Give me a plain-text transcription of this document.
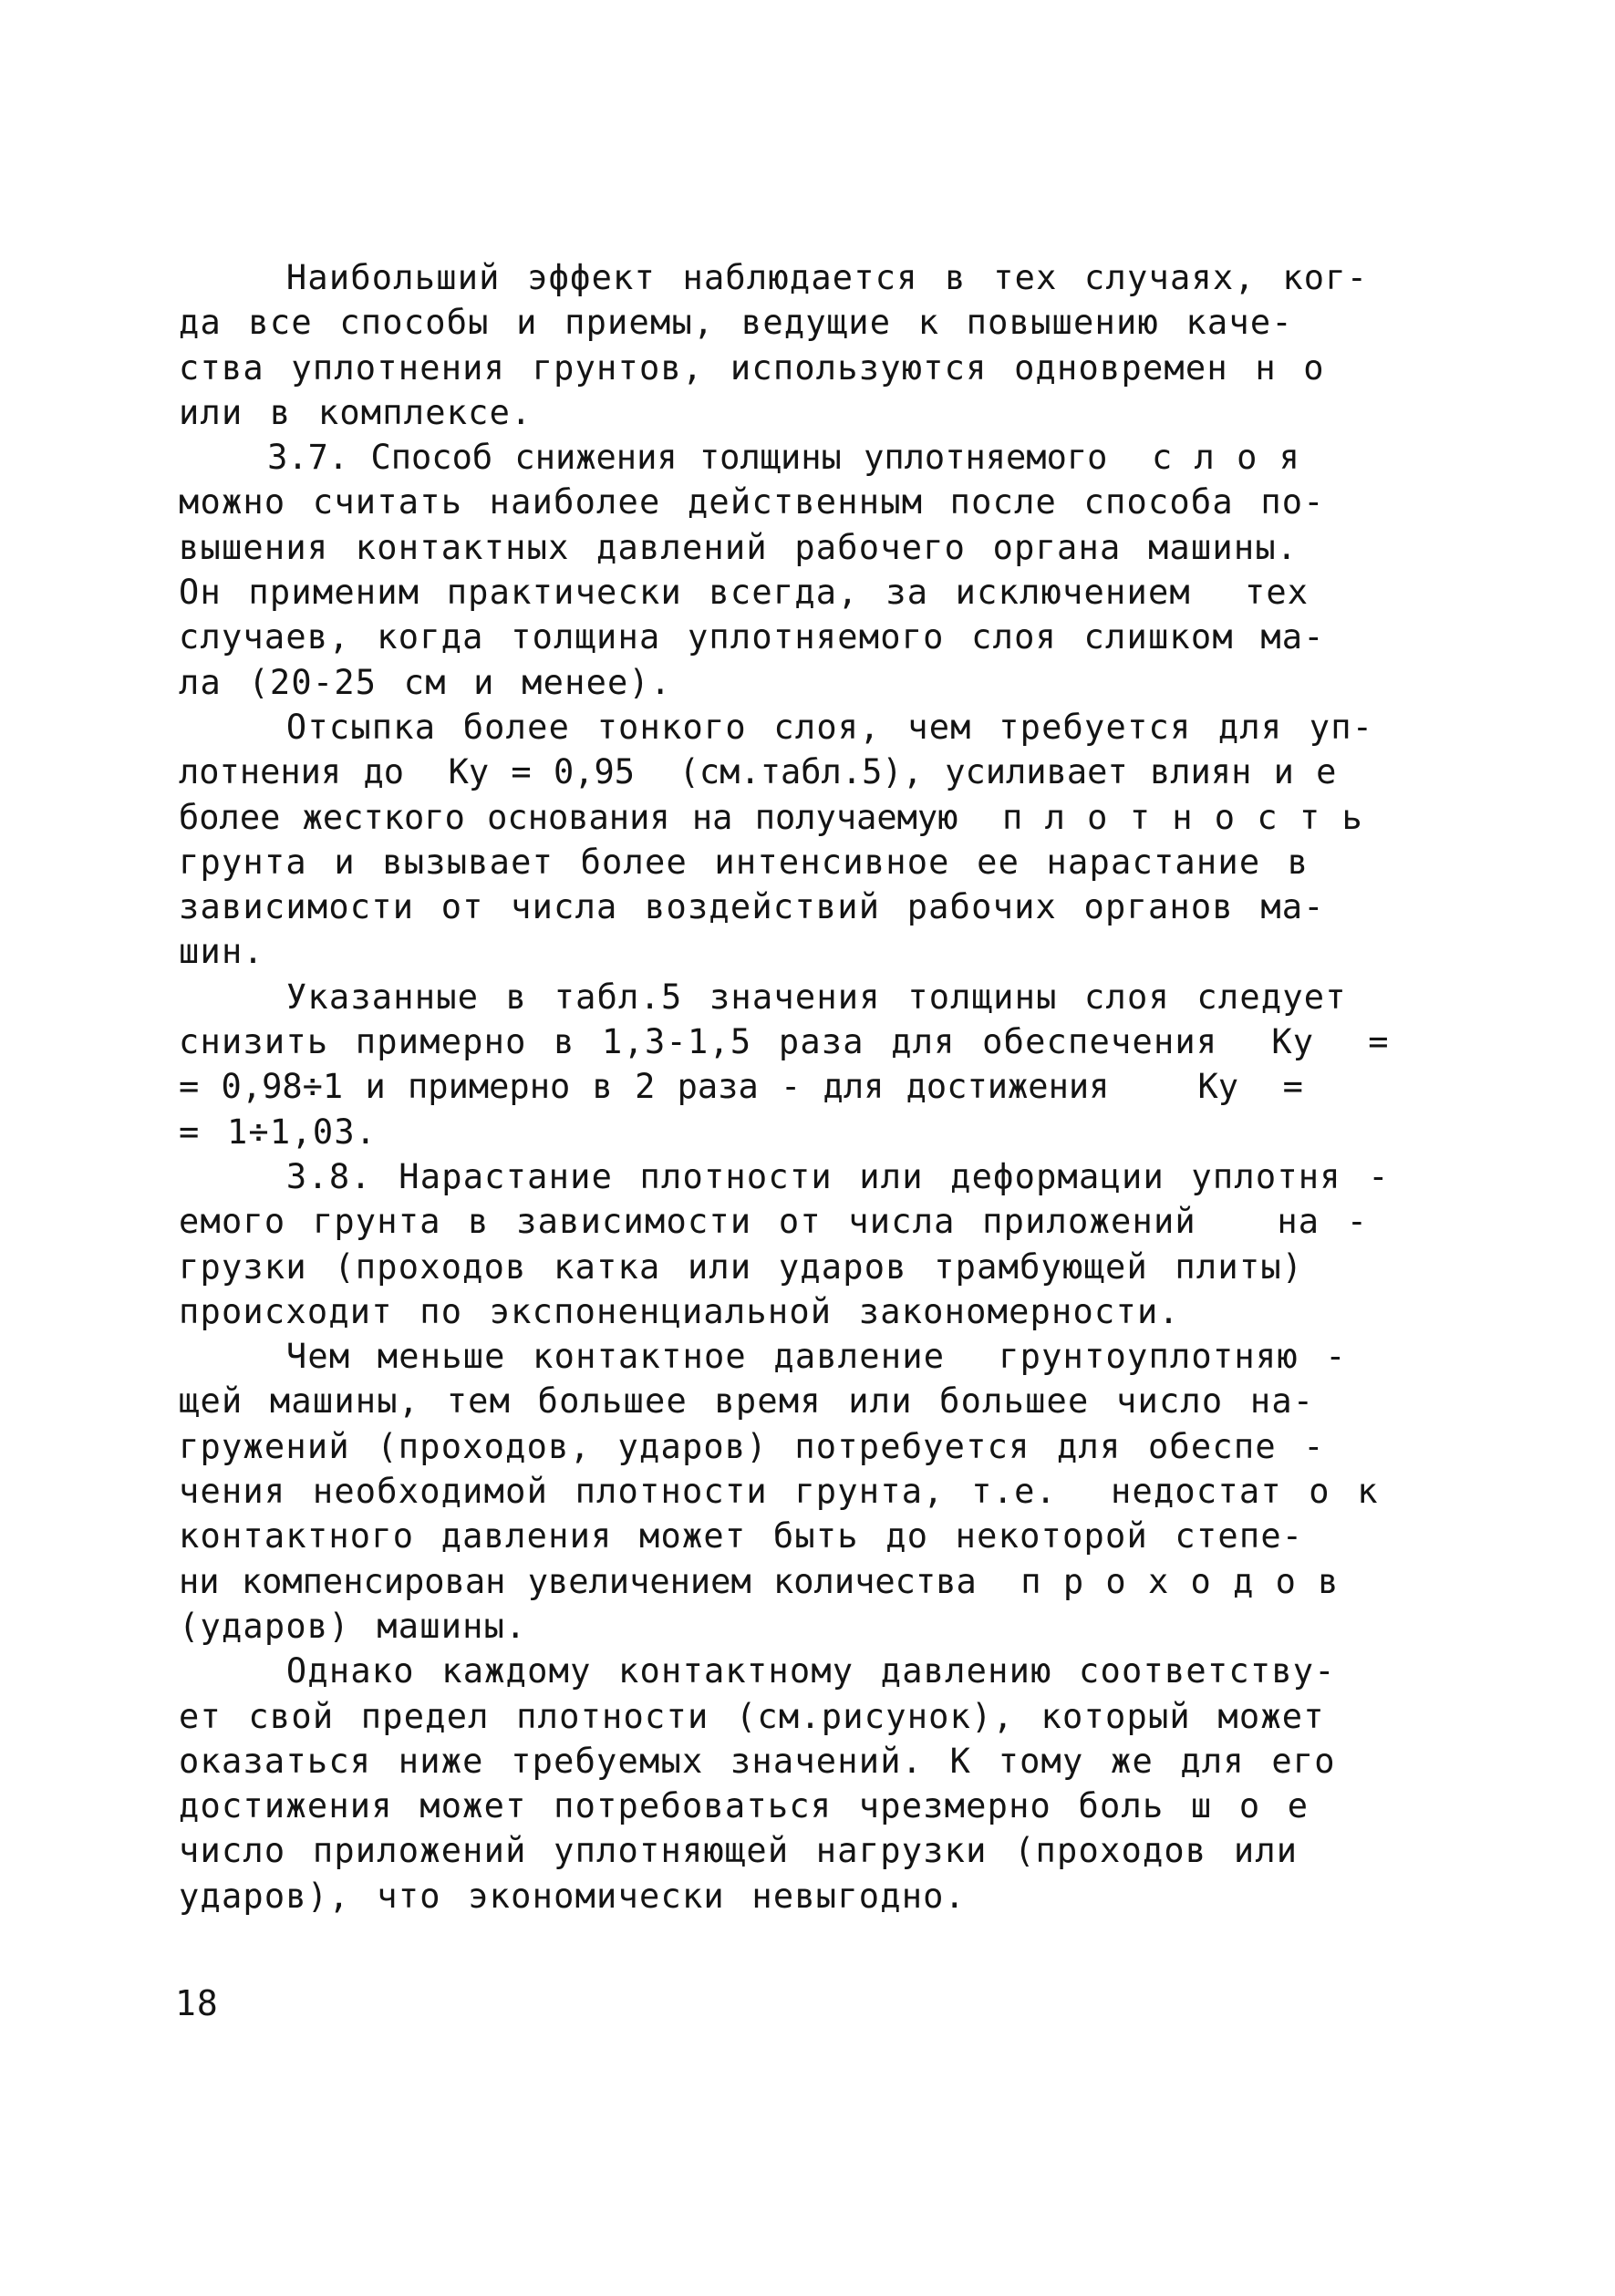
Наибольший эффект наблюдается в тех случаях, ког-
да все способы и приемы, ведущие к повышению каче-
ства уплотнения грунтов, используются одновремен н о
или в комплексе.
3.7. Способ снижения толщины уплотняемого  с л о я
можно считать наиболее действенным после способа по-
вышения контактных давлений рабочего органа машины.
Он применим практически всегда, за исключением  тех
случаев, когда толщина уплотняемого слоя слишком ма-
ла (20-25 см и менее).
Отсыпка более тонкого слоя, чем требуется для уп-
лотнения до  Kу = 0,95  (см.табл.5), усиливает влиян и е
более жесткого основания на получаемую  п л о т н о с т ь
грунта и вызывает более интенсивное ее нарастание в
зависимости от числа воздействий рабочих органов ма-
шин.
Указанные в табл.5 значения толщины слоя следует
снизить примерно в 1,3-1,5 раза для обеспечения  Kу  =
= 0,98÷1 и примерно в 2 раза - для достижения    Kу  =
= 1÷1,03.
3.8. Нарастание плотности или деформации уплотня -
емого грунта в зависимости от числа приложений   на -
грузки (проходов катка или ударов трамбующей плиты)
происходит по экспоненциальной закономерности.
Чем меньше контактное давление  грунтоуплотняю -
щей машины, тем большее время или большее число на-
гружений (проходов, ударов) потребуется для обеспе -
чения необходимой плотности грунта, т.е.  недостат о к
контактного давления может быть до некоторой степе-
ни компенсирован увеличением количества  п р о х о д о в
(ударов) машины.
Однако каждому контактному давлению соответству-
ет свой предел плотности (см.рисунок), который может
оказаться ниже требуемых значений. К тому же для его
достижения может потребоваться чрезмерно боль ш о е
число приложений уплотняющей нагрузки (проходов или
ударов), что экономически невыгодно.
18
